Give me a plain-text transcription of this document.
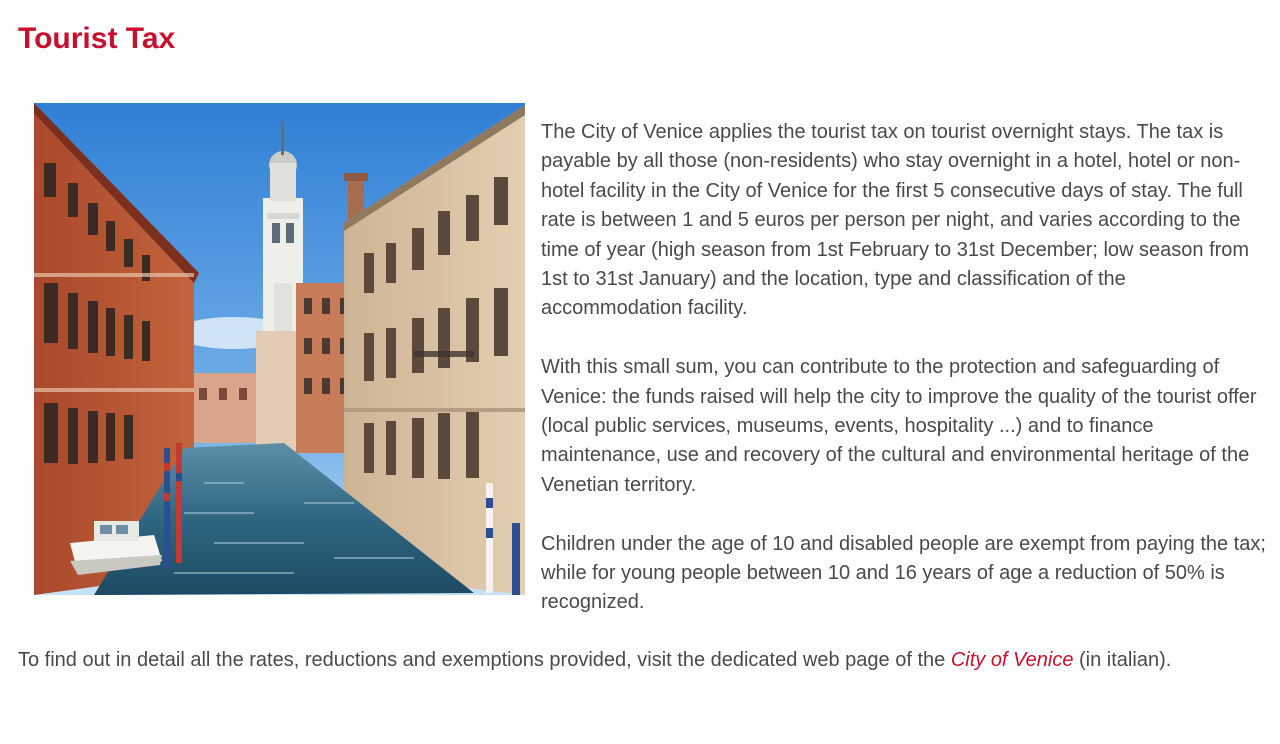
Tourist Tax

The City of Venice applies the tourist tax on tourist overnight stays. The tax is payable by all those (non-residents) who stay overnight in a hotel, hotel or non-hotel facility in the City of Venice for the first 5 consecutive days of stay. The full rate is between 1 and 5 euros per person per night, and varies according to the time of year (high season from 1st February to 31st December; low season from 1st to 31st January) and the location, type and classification of the accommodation facility.

With this small sum, you can contribute to the protection and safeguarding of Venice: the funds raised will help the city to improve the quality of the tourist offer (local public services, museums, events, hospitality ...) and to finance maintenance, use and recovery of the cultural and environmental heritage of the Venetian territory.

Children under the age of 10 and disabled people are exempt from paying the tax; while for young people between 10 and 16 years of age a reduction of 50% is recognized.

To find out in detail all the rates, reductions and exemptions provided, visit the dedicated web page of the City of Venice (in italian).
